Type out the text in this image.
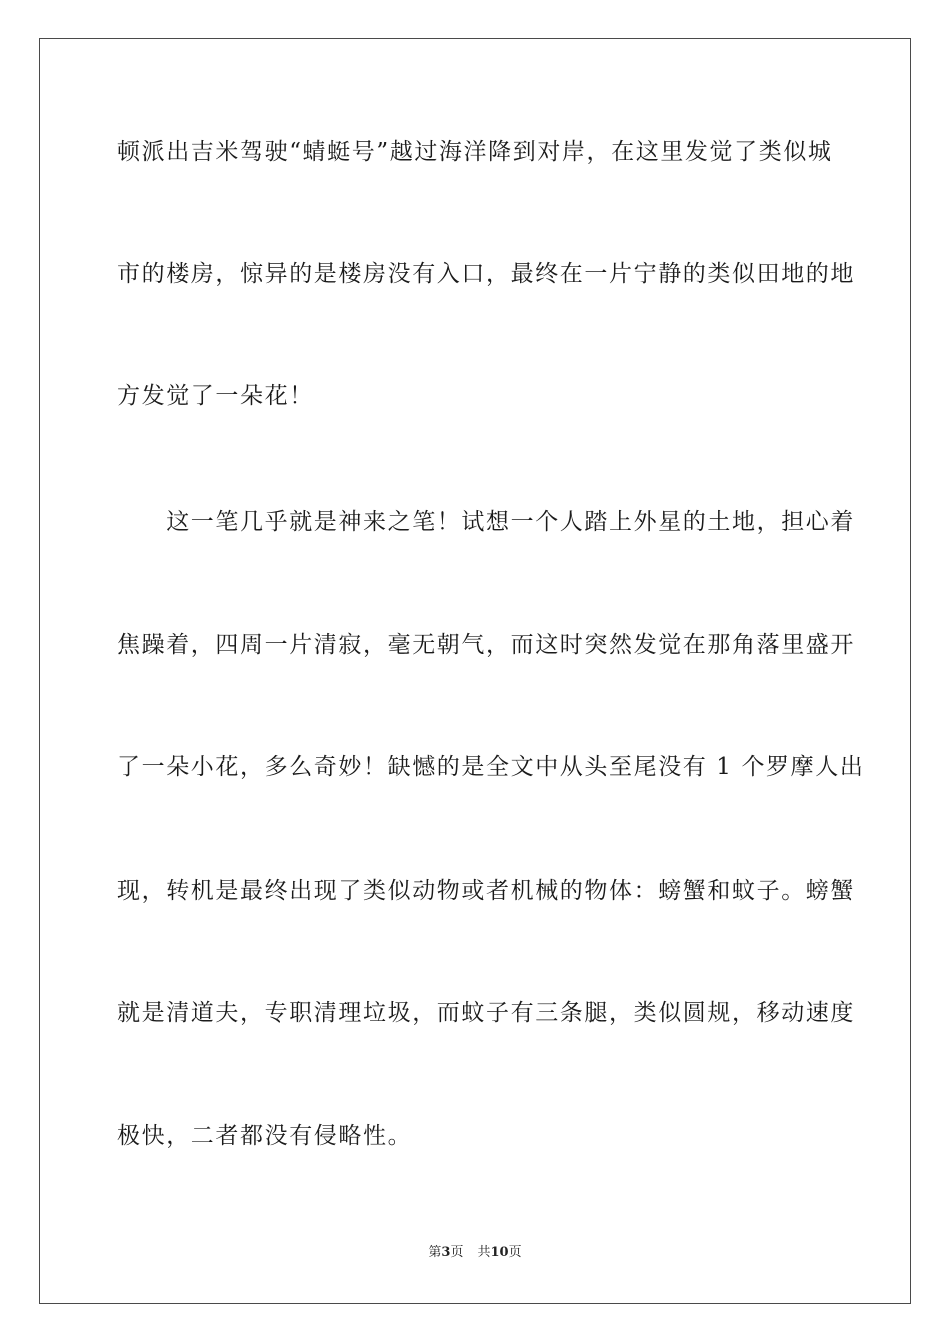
顿派出吉米驾驶“蜻蜓号”越过海洋降到对岸，在这里发觉了类似城
市的楼房，惊异的是楼房没有入口，最终在一片宁静的类似田地的地
方发觉了一朵花！
　　这一笔几乎就是神来之笔！试想一个人踏上外星的土地，担心着
焦躁着，四周一片清寂，毫无朝气，而这时突然发觉在那角落里盛开
了一朵小花，多么奇妙！缺憾的是全文中从头至尾没有 1 个罗摩人出
现，转机是最终出现了类似动物或者机械的物体：螃蟹和蚊子。螃蟹
就是清道夫，专职清理垃圾，而蚊子有三条腿，类似圆规，移动速度
极快，二者都没有侵略性。
第3页 共10页
